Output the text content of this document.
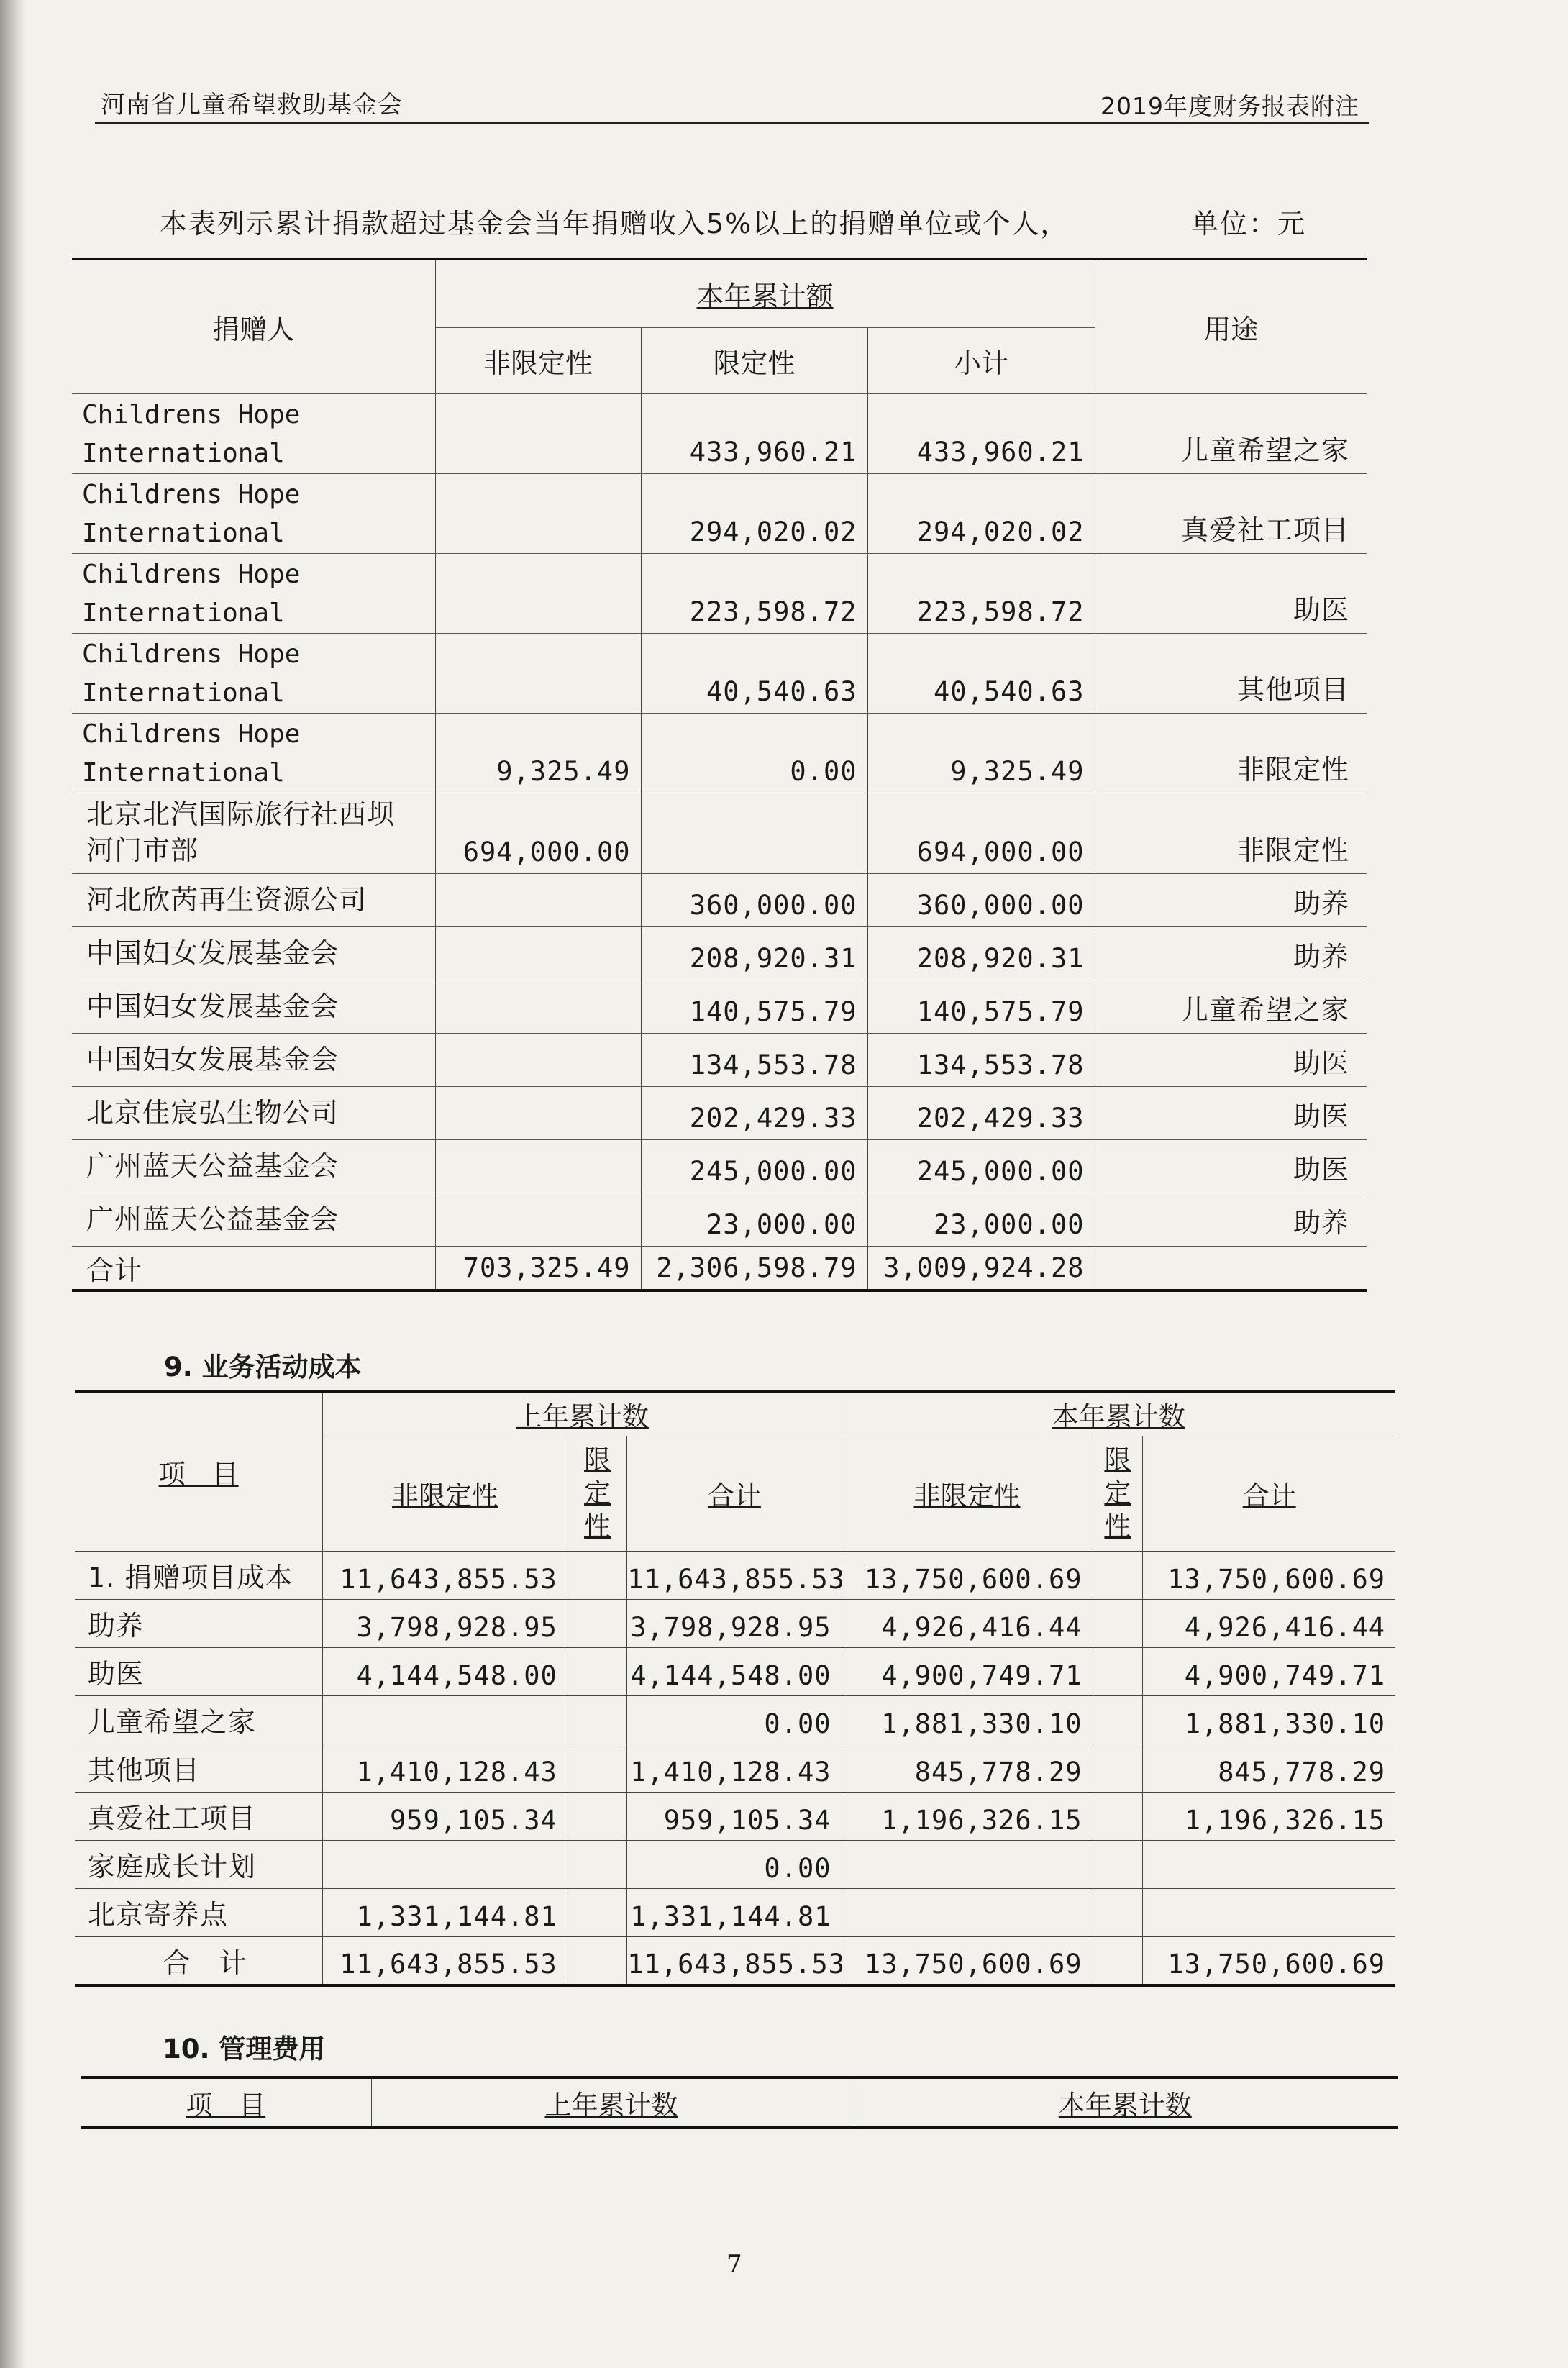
河南省儿童希望救助基金会	2019年度财务报表附注
本表列示累计捐款超过基金会当年捐赠收入5%以上的捐赠单位或个人，	单位：元
捐赠人	本年累计额			用途
	非限定性	限定性	小计	

Childrens Hope
International		433,960.21	433,960.21	儿童希望之家

Childrens Hope
International		294,020.02	294,020.02	真爱社工项目

Childrens Hope
International		223,598.72	223,598.72	助医

Childrens Hope
International		40,540.63	40,540.63	其他项目

Childrens Hope
International	9,325.49	0.00	9,325.49	非限定性

北京北汽国际旅行社西坝
河门市部	694,000.00		694,000.00	非限定性

河北欣芮再生资源公司		360,000.00	360,000.00	助养

中国妇女发展基金会		208,920.31	208,920.31	助养

中国妇女发展基金会		140,575.79	140,575.79	儿童希望之家

中国妇女发展基金会		134,553.78	134,553.78	助医

北京佳宸弘生物公司		202,429.33	202,429.33	助医

广州蓝天公益基金会		245,000.00	245,000.00	助医

广州蓝天公益基金会		23,000.00	23,000.00	助养
合计	703,325.49	2,306,598.79	3,009,924.28	
9. 业务活动成本
项　目	上年累计数			本年累计数		
	非限定性	限定性	合计	非限定性	限定性	合计
1. 捐赠项目成本	11,643,855.53		11,643,855.53	13,750,600.69		13,750,600.69
助养	3,798,928.95		3,798,928.95	4,926,416.44		4,926,416.44
助医	4,144,548.00		4,144,548.00	4,900,749.71		4,900,749.71
儿童希望之家			0.00	1,881,330.10		1,881,330.10
其他项目	1,410,128.43		1,410,128.43	845,778.29		845,778.29
真爱社工项目	959,105.34		959,105.34	1,196,326.15		1,196,326.15
家庭成长计划			0.00			
北京寄养点	1,331,144.81		1,331,144.81			
合　计	11,643,855.53		11,643,855.53	13,750,600.69		13,750,600.69
10. 管理费用
项　目	上年累计数	本年累计数
7
